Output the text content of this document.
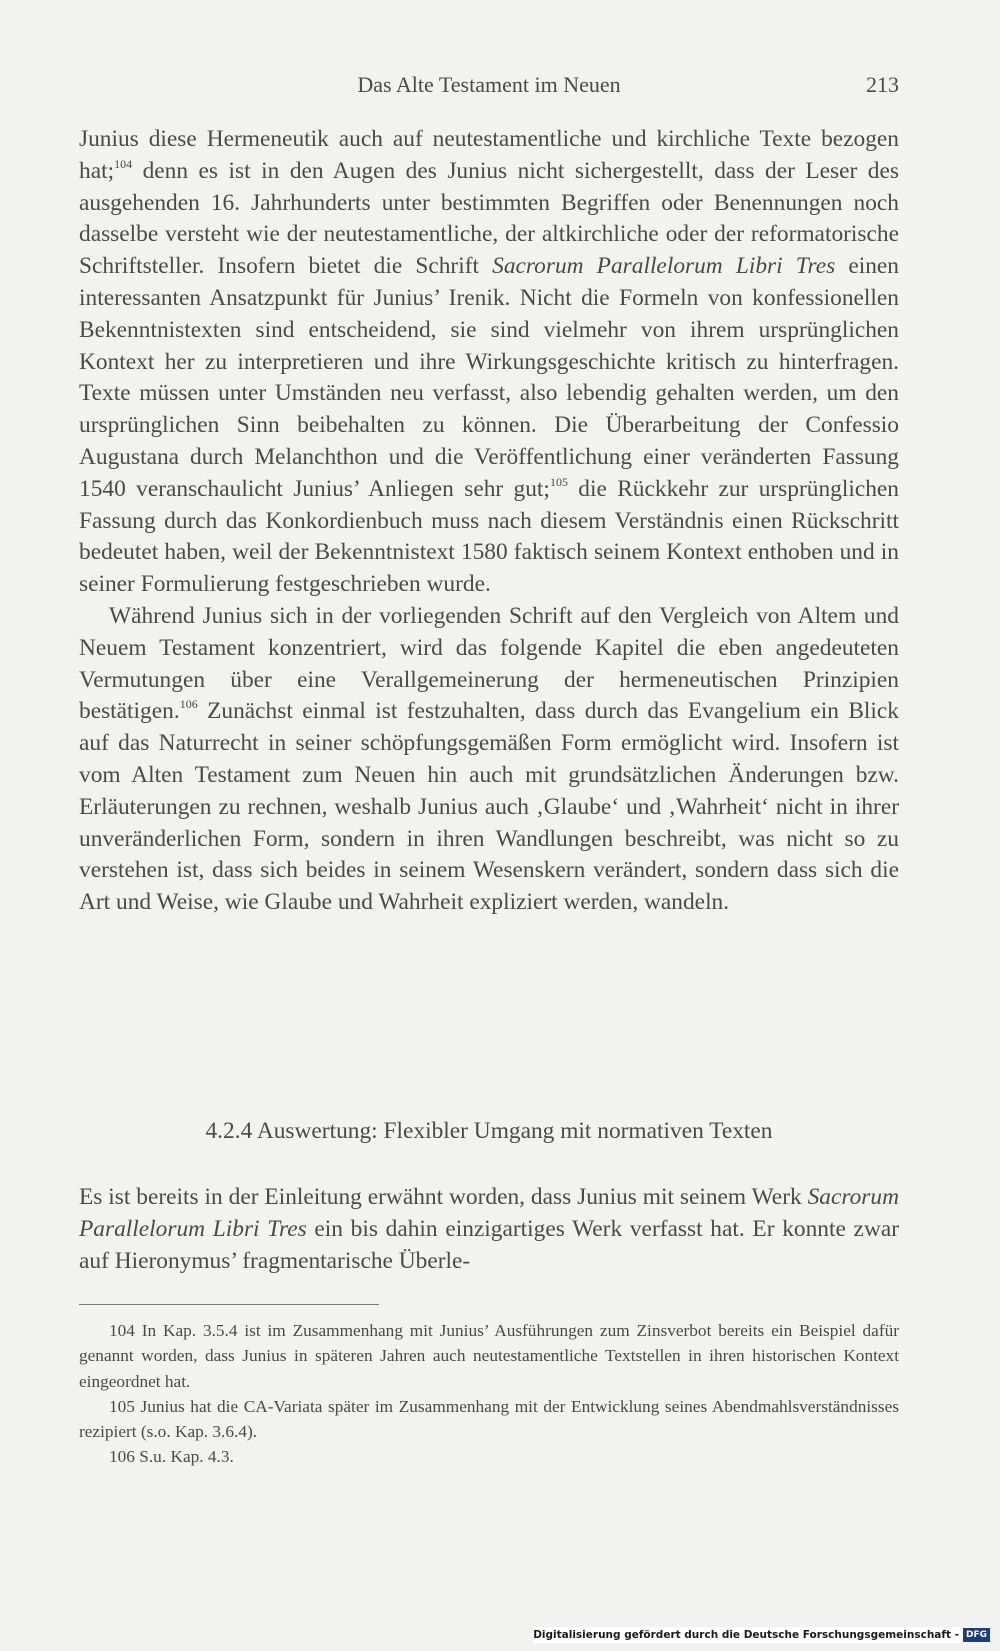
Das Alte Testament im Neuen	213

Junius diese Hermeneutik auch auf neutestamentliche und kirchliche Texte bezogen hat;$^{104}$ denn es ist in den Augen des Junius nicht sichergestellt, dass der Leser des ausgehenden 16. Jahrhunderts unter bestimmten Begriffen oder Benennungen noch dasselbe versteht wie der neutestamentliche, der altkirchliche oder der reformatorische Schriftsteller. Insofern bietet die Schrift Sacrorum Parallelorum Libri Tres einen interessanten Ansatzpunkt für Junius’ Irenik. Nicht die Formeln von konfessionellen Bekenntnistexten sind entscheidend, sie sind vielmehr von ihrem ursprünglichen Kontext her zu interpretieren und ihre Wirkungsgeschichte kritisch zu hinterfragen. Texte müssen unter Umständen neu verfasst, also lebendig gehalten werden, um den ursprünglichen Sinn beibehalten zu können. Die Überarbeitung der Confessio Augustana durch Melanchthon und die Veröffentlichung einer veränderten Fassung 1540 veranschaulicht Junius’ Anliegen sehr gut;$^{105}$ die Rückkehr zur ursprünglichen Fassung durch das Konkordienbuch muss nach diesem Verständnis einen Rückschritt bedeutet haben, weil der Bekenntnistext 1580 faktisch seinem Kontext enthoben und in seiner Formulierung festgeschrieben wurde.

Während Junius sich in der vorliegenden Schrift auf den Vergleich von Altem und Neuem Testament konzentriert, wird das folgende Kapitel die eben angedeuteten Vermutungen über eine Verallgemeinerung der hermeneutischen Prinzipien bestätigen.$^{106}$ Zunächst einmal ist festzuhalten, dass durch das Evangelium ein Blick auf das Naturrecht in seiner schöpfungsgemäßen Form ermöglicht wird. Insofern ist vom Alten Testament zum Neuen hin auch mit grundsätzlichen Änderungen bzw. Erläuterungen zu rechnen, weshalb Junius auch ‚Glaube‘ und ‚Wahrheit‘ nicht in ihrer unveränderlichen Form, sondern in ihren Wandlungen beschreibt, was nicht so zu verstehen ist, dass sich beides in seinem Wesenskern verändert, sondern dass sich die Art und Weise, wie Glaube und Wahrheit expliziert werden, wandeln.

4.2.4 Auswertung: Flexibler Umgang mit normativen Texten

Es ist bereits in der Einleitung erwähnt worden, dass Junius mit seinem Werk Sacrorum Parallelorum Libri Tres ein bis dahin einzigartiges Werk verfasst hat. Er konnte zwar auf Hieronymus’ fragmentarische Überle-

104 In Kap. 3.5.4 ist im Zusammenhang mit Junius’ Ausführungen zum Zinsverbot bereits ein Beispiel dafür genannt worden, dass Junius in späteren Jahren auch neutestamentliche Textstellen in ihren historischen Kontext eingeordnet hat.

105 Junius hat die CA-Variata später im Zusammenhang mit der Entwicklung seines Abendmahlsverständnisses rezipiert (s.o. Kap. 3.6.4).

106 S.u. Kap. 4.3.

Digitalisierung gefördert durch die Deutsche Forschungsgemeinschaft - DFG
